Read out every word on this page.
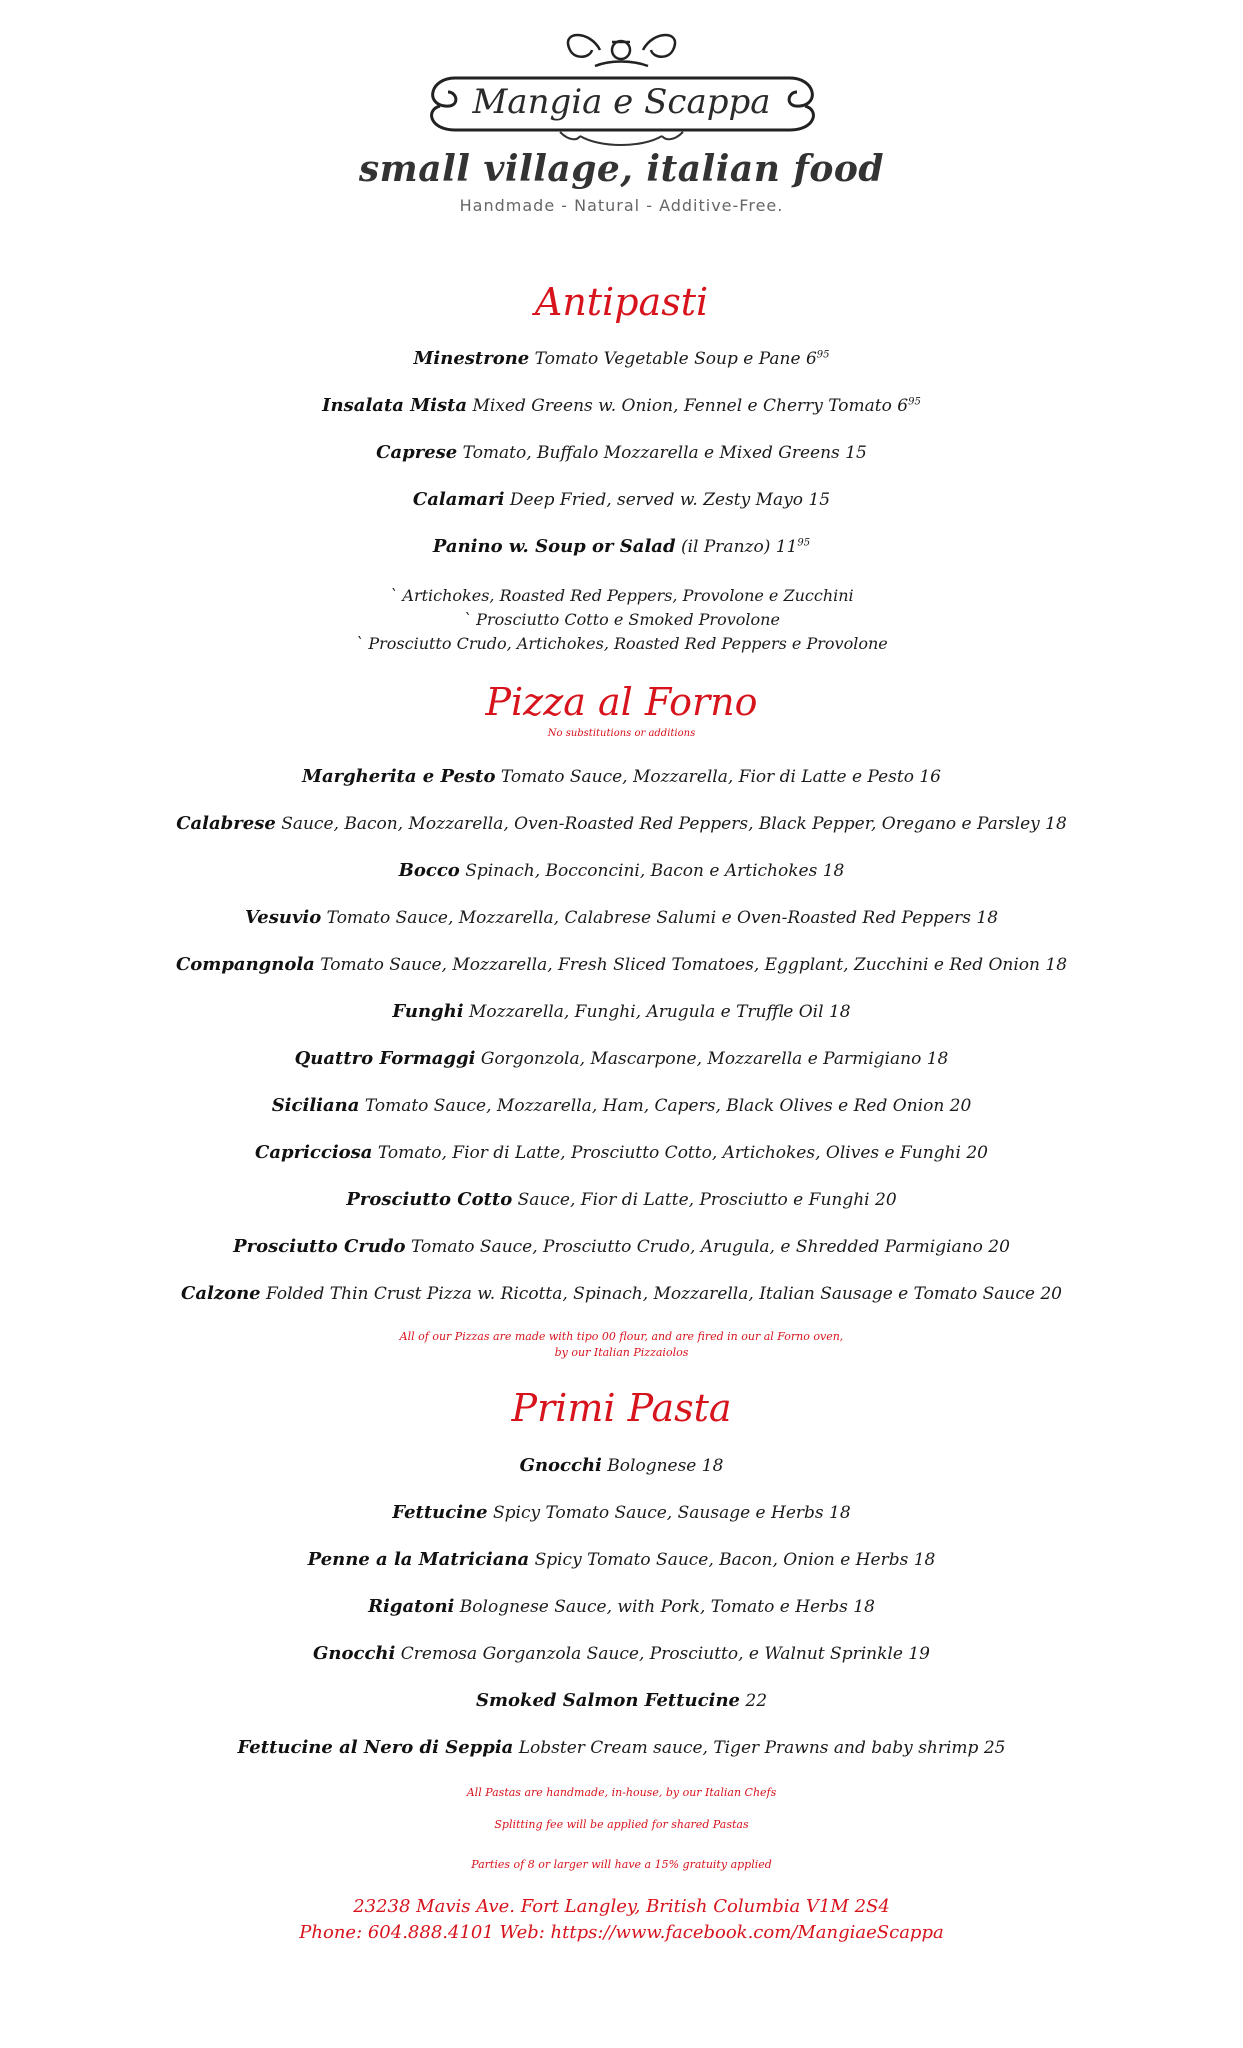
Mangia e Scappa
small village, italian food
Handmade - Natural - Additive-Free.
Antipasti
Minestrone Tomato Vegetable Soup e Pane $6^{95}$
Insalata Mista Mixed Greens w. Onion, Fennel e Cherry Tomato $6^{95}$
Caprese Tomato, Buffalo Mozzarella e Mixed Greens 15
Calamari Deep Fried, served w. Zesty Mayo 15
Panino w. Soup or Salad (il Pranzo) $11^{95}$
` Artichokes, Roasted Red Peppers, Provolone e Zucchini
` Prosciutto Cotto e Smoked Provolone
` Prosciutto Crudo, Artichokes, Roasted Red Peppers e Provolone
Pizza al Forno
No substitutions or additions
Margherita e Pesto Tomato Sauce, Mozzarella, Fior di Latte e Pesto 16
Calabrese Sauce, Bacon, Mozzarella, Oven-Roasted Red Peppers, Black Pepper, Oregano e Parsley 18
Bocco Spinach, Bocconcini, Bacon e Artichokes 18
Vesuvio Tomato Sauce, Mozzarella, Calabrese Salumi e Oven-Roasted Red Peppers 18
Compangnola Tomato Sauce, Mozzarella, Fresh Sliced Tomatoes, Eggplant, Zucchini e Red Onion 18
Funghi Mozzarella, Funghi, Arugula e Truffle Oil 18
Quattro Formaggi Gorgonzola, Mascarpone, Mozzarella e Parmigiano 18
Siciliana Tomato Sauce, Mozzarella, Ham, Capers, Black Olives e Red Onion 20
Capricciosa Tomato, Fior di Latte, Prosciutto Cotto, Artichokes, Olives e Funghi 20
Prosciutto Cotto Sauce, Fior di Latte, Prosciutto e Funghi 20
Prosciutto Crudo Tomato Sauce, Prosciutto Crudo, Arugula, e Shredded Parmigiano 20
Calzone Folded Thin Crust Pizza w. Ricotta, Spinach, Mozzarella, Italian Sausage e Tomato Sauce 20
All of our Pizzas are made with tipo 00 flour, and are fired in our al Forno oven,
by our Italian Pizzaiolos
Primi Pasta
Gnocchi Bolognese 18
Fettucine Spicy Tomato Sauce, Sausage e Herbs 18
Penne a la Matriciana Spicy Tomato Sauce, Bacon, Onion e Herbs 18
Rigatoni Bolognese Sauce, with Pork, Tomato e Herbs 18
Gnocchi Cremosa Gorganzola Sauce, Prosciutto, e Walnut Sprinkle 19
Smoked Salmon Fettucine 22
Fettucine al Nero di Seppia Lobster Cream sauce, Tiger Prawns and baby shrimp 25
All Pastas are handmade, in-house, by our Italian Chefs
Splitting fee will be applied for shared Pastas
Parties of 8 or larger will have a 15% gratuity applied
23238 Mavis Ave. Fort Langley, British Columbia V1M 2S4
Phone: 604.888.4101 Web: https://www.facebook.com/MangiaeScappa
